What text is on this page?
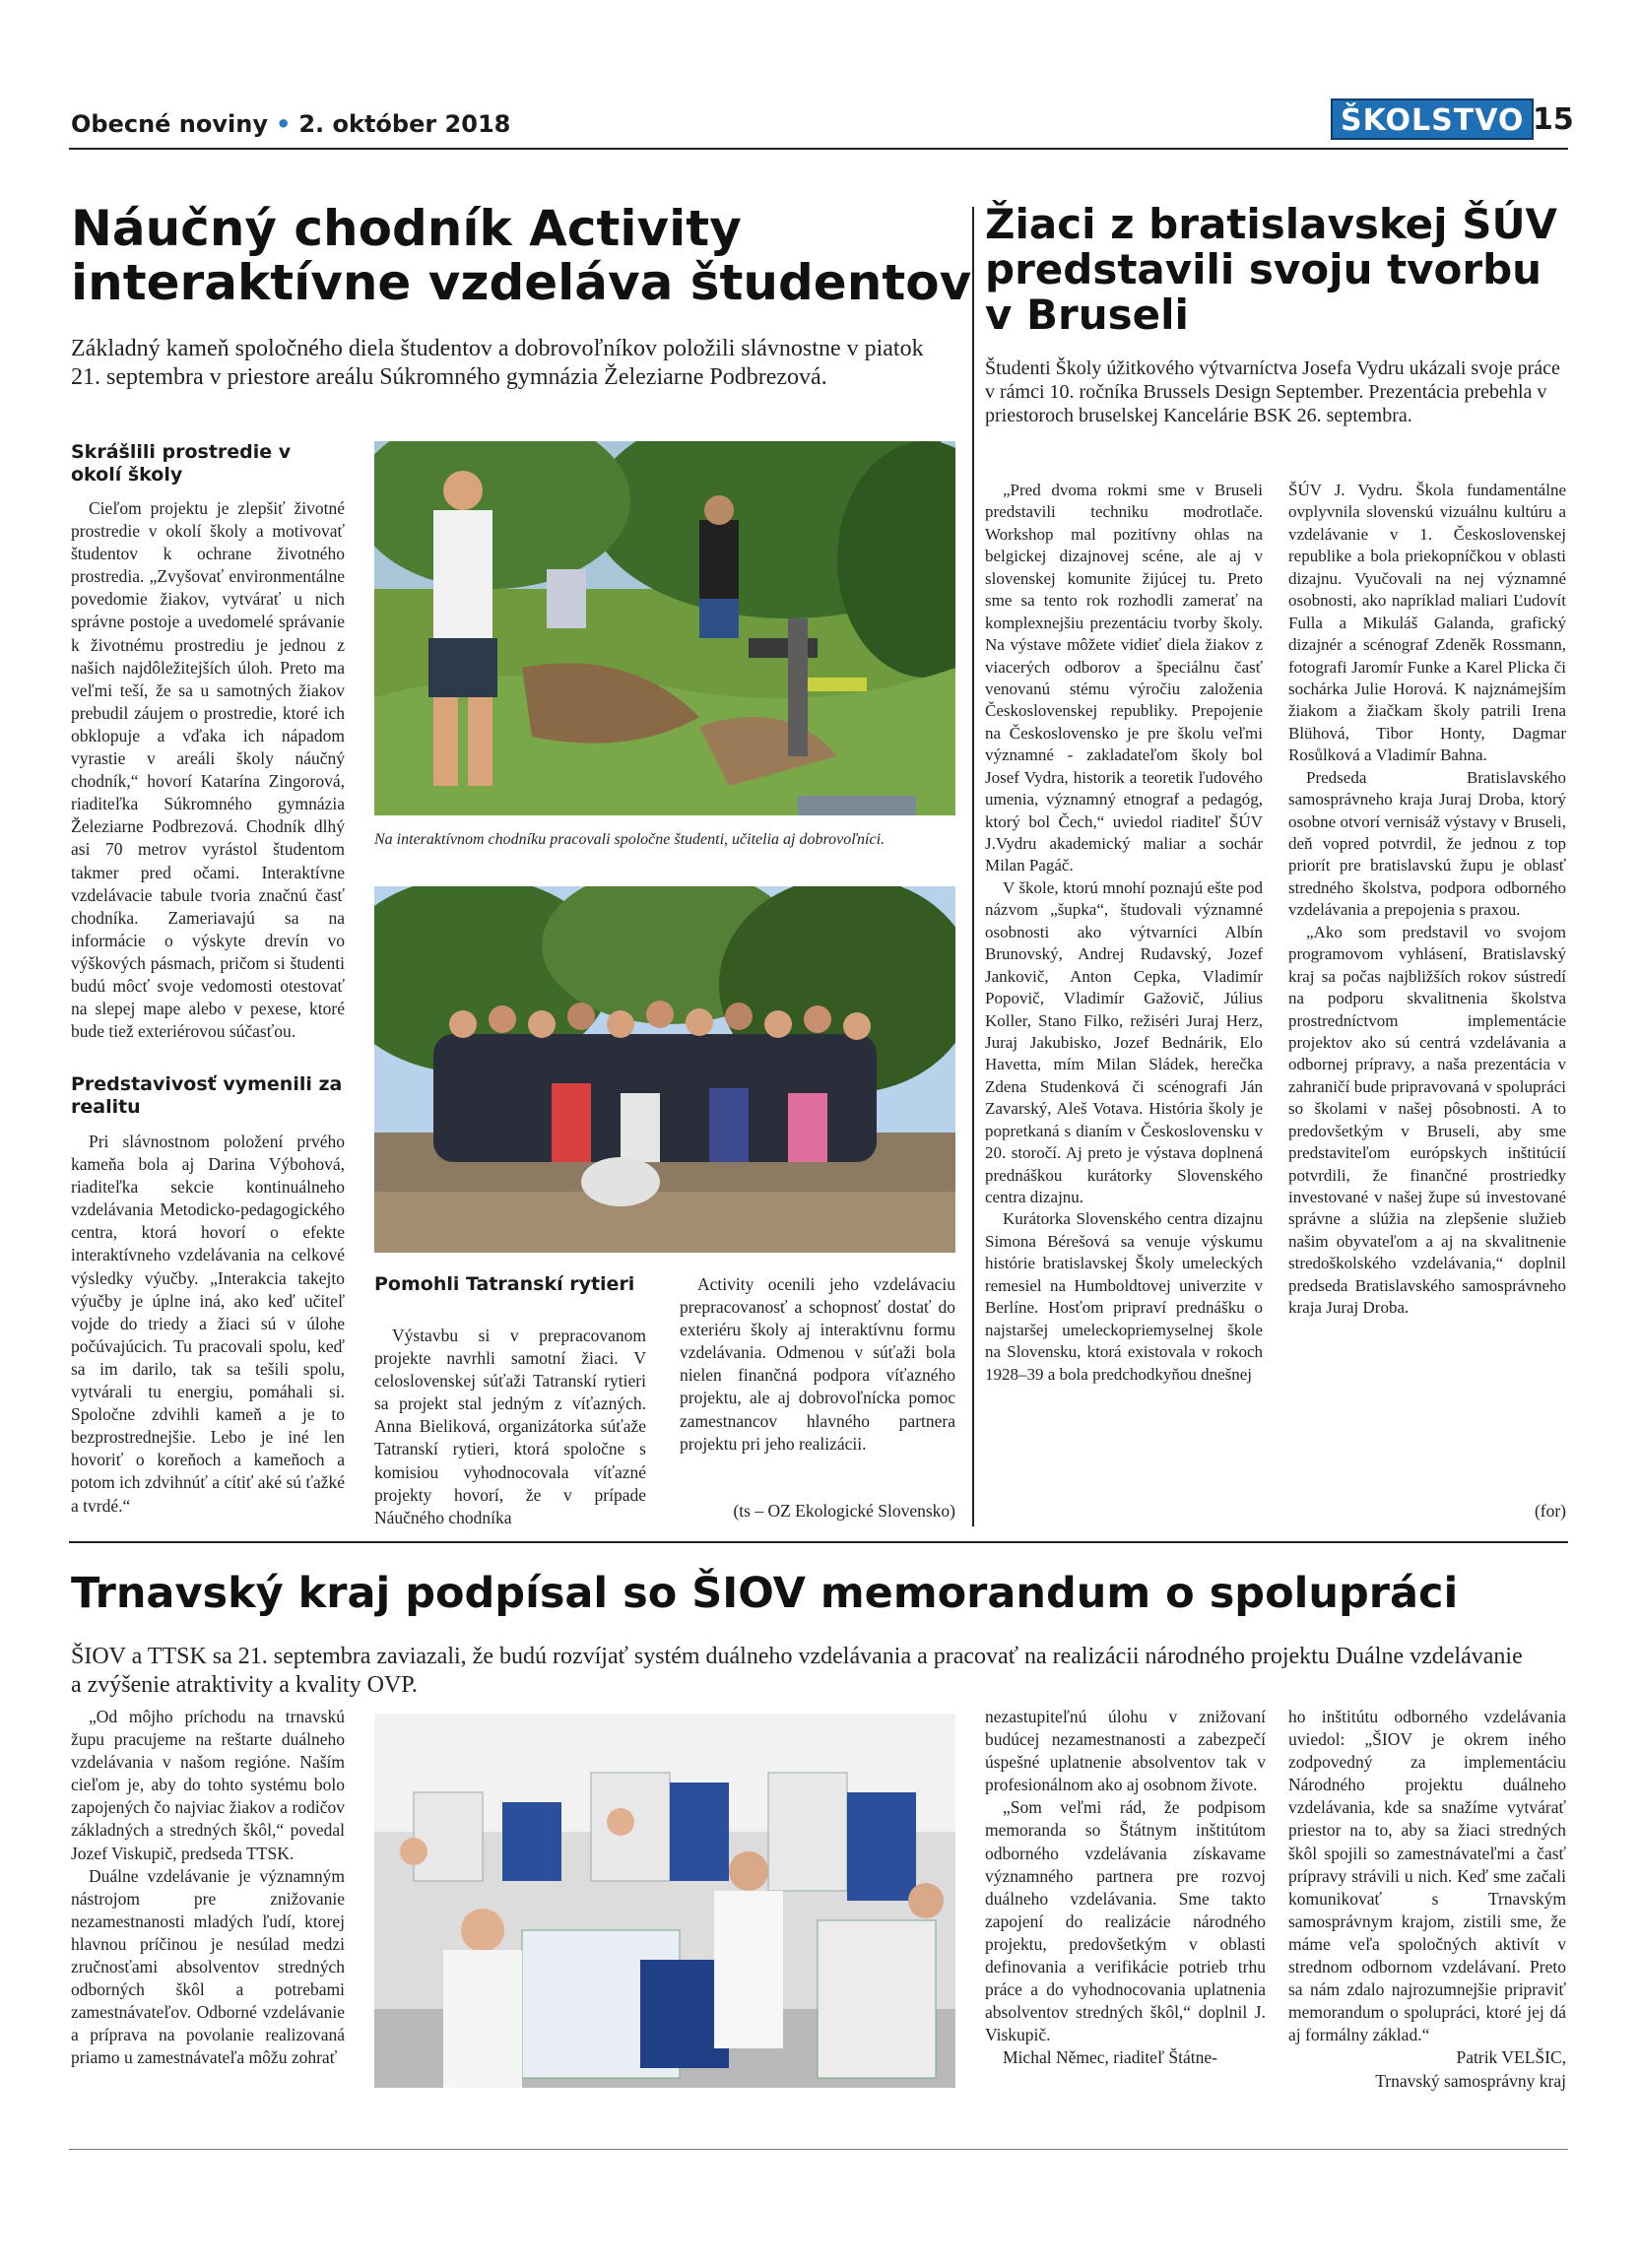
Obecné noviny • 2. október 2018	ŠKOLSTVO 15
Náučný chodník Activity
interaktívne vzdeláva študentov
Základný kameň spoločného diela študentov a dobrovoľníkov položili slávnostne v piatok 21. septembra v priestore areálu Súkromného gymnázia Železiarne Podbrezová.
Skrášlili prostredie v okolí školy

Cieľom projektu je zlepšiť životné prostredie v okolí školy a motivovať študentov k ochrane životného prostredia. „Zvyšovať environmentálne povedomie žiakov, vytvárať u nich správne postoje a uvedomelé správanie k životnému prostrediu je jednou z našich najdôležitejších úloh. Preto ma veľmi teší, že sa u samotných žiakov prebudil záujem o prostredie, ktoré ich obklopuje a vďaka ich nápadom vyrastie v areáli školy náučný chodník,“ hovorí Katarína Zingorová, riaditeľka Súkromného gymnázia Železiarne Podbrezová. Chodník dlhý asi 70 metrov vyrástol študentom takmer pred očami. Interaktívne vzdelávacie tabule tvoria značnú časť chodníka. Zameriavajú sa na informácie o výskyte drevín vo výškových pásmach, pričom si študenti budú môcť svoje vedomosti otestovať na slepej mape alebo v pexese, ktoré bude tiež exteriérovou súčasťou.

Predstavivosť vymenili za realitu

Pri slávnostnom položení prvého kameňa bola aj Darina Výbohová, riaditeľka sekcie kontinuálneho vzdelávania Metodicko-pedagogického centra, ktorá hovorí o efekte interaktívneho vzdelávania na celkové výsledky výučby. „Interakcia takejto výučby je úplne iná, ako keď učiteľ vojde do triedy a žiaci sú v úlohe počúvajúcich. Tu pracovali spolu, keď sa im darilo, tak sa tešili spolu, vytvárali tu energiu, pomáhali si. Spoločne zdvihli kameň a je to bezprostrednejšie. Lebo je iné len hovoriť o koreňoch a kameňoch a potom ich zdvihnúť a cítiť aké sú ťažké a tvrdé.“

Na interaktívnom chodníku pracovali spoločne študenti, učitelia aj dobrovoľníci.
Pomohli Tatranskí rytieri

Výstavbu si v prepracovanom projekte navrhli samotní žiaci. V celoslovenskej súťaži Tatranskí rytieri sa projekt stal jedným z víťazných. Anna Bieliková, organizátorka súťaže Tatranskí rytieri, ktorá spoločne s komisiou vyhodnocovala víťazné projekty hovorí, že v prípade Náučného chodníka

Activity ocenili jeho vzdelávaciu prepracovanosť a schopnosť dostať do exteriéru školy aj interaktívnu formu vzdelávania. Odmenou v súťaži bola nielen finančná podpora víťazného projektu, ale aj dobrovoľnícka pomoc zamestnancov hlavného partnera projektu pri jeho realizácii.

(ts – OZ Ekologické Slovensko)
Žiaci z bratislavskej ŠÚV
predstavili svoju tvorbu
v Bruseli
Študenti Školy úžitkového výtvarníctva Josefa Vydru ukázali svoje práce v rámci 10. ročníka Brussels Design September. Prezentácia prebehla v priestoroch bruselskej Kancelárie BSK 26. septembra.

„Pred dvoma rokmi sme v Bruseli predstavili techniku modrotlače. Workshop mal pozitívny ohlas na belgickej dizajnovej scéne, ale aj v slovenskej komunite žijúcej tu. Preto sme sa tento rok rozhodli zamerať na komplexnejšiu prezentáciu tvorby školy. Na výstave môžete vidieť diela žiakov z viacerých odborov a špeciálnu časť venovanú stému výročiu založenia Československej republiky. Prepojenie na Československo je pre školu veľmi významné - zakladateľom školy bol Josef Vydra, historik a teoretik ľudového umenia, významný etnograf a pedagóg, ktorý bol Čech,“ uviedol riaditeľ ŠÚV J.Vydru akademický maliar a sochár Milan Pagáč.

V škole, ktorú mnohí poznajú ešte pod názvom „šupka“, študovali významné osobnosti ako výtvarníci Albín Brunovský, Andrej Rudavský, Jozef Jankovič, Anton Cepka, Vladimír Popovič, Vladimír Gažovič, Július Koller, Stano Filko, režiséri Juraj Herz, Juraj Jakubisko, Jozef Bednárik, Elo Havetta, mím Milan Sládek, herečka Zdena Studenková či scénografi Ján Zavarský, Aleš Votava. História školy je popretkaná s dianím v Československu v 20. storočí. Aj preto je výstava doplnená prednáškou kurátorky Slovenského centra dizajnu.

Kurátorka Slovenského centra dizajnu Simona Bérešová sa venuje výskumu histórie bratislavskej Školy umeleckých remesiel na Humboldtovej univerzite v Berlíne. Hosťom pripraví prednášku o najstaršej umeleckopriemyselnej škole na Slovensku, ktorá existovala v rokoch 1928–39 a bola predchodkyňou dnešnej

ŠÚV J. Vydru. Škola fundamentálne ovplyvnila slovenskú vizuálnu kultúru a vzdelávanie v 1. Československej republike a bola priekopníčkou v oblasti dizajnu. Vyučovali na nej významné osobnosti, ako napríklad maliari Ľudovít Fulla a Mikuláš Galanda, grafický dizajnér a scénograf Zdeněk Rossmann, fotografi Jaromír Funke a Karel Plicka či sochárka Julie Horová. K najznámejším žiakom a žiačkam školy patrili Irena Blühová, Tibor Honty, Dagmar Rosůlková a Vladimír Bahna.

Predseda Bratislavského samosprávneho kraja Juraj Droba, ktorý osobne otvorí vernisáž výstavy v Bruseli, deň vopred potvrdil, že jednou z top priorít pre bratislavskú župu je oblasť stredného školstva, podpora odborného vzdelávania a prepojenia s praxou.

„Ako som predstavil vo svojom programovom vyhlásení, Bratislavský kraj sa počas najbližších rokov sústredí na podporu skvalitnenia školstva prostredníctvom implementácie projektov ako sú centrá vzdelávania a odbornej prípravy, a naša prezentácia v zahraničí bude pripravovaná v spolupráci so školami v našej pôsobnosti. A to predovšetkým v Bruseli, aby sme predstaviteľom európskych inštitúcií potvrdili, že finančné prostriedky investované v našej župe sú investované správne a slúžia na zlepšenie služieb našim obyvateľom a aj na skvalitnenie stredoškolského vzdelávania,“ doplnil predseda Bratislavského samosprávneho kraja Juraj Droba.

(for)
Trnavský kraj podpísal so ŠIOV memorandum o spolupráci
ŠIOV a TTSK sa 21. septembra zaviazali, že budú rozvíjať systém duálneho vzdelávania a pracovať na realizácii národného projektu Duálne vzdelávanie a zvýšenie atraktivity a kvality OVP.

„Od môjho príchodu na trnavskú župu pracujeme na reštarte duálneho vzdelávania v našom regióne. Naším cieľom je, aby do tohto systému bolo zapojených čo najviac žiakov a rodičov základných a stredných škôl,“ povedal Jozef Viskupič, predseda TTSK.

Duálne vzdelávanie je významným nástrojom pre znižovanie nezamestnanosti mladých ľudí, ktorej hlavnou príčinou je nesúlad medzi zručnosťami absolventov stredných odborných škôl a potrebami zamestnávateľov. Odborné vzdelávanie a príprava na povolanie realizovaná priamo u zamestnávateľa môžu zohrať

nezastupiteľnú úlohu v znižovaní budúcej nezamestnanosti a zabezpečí úspešné uplatnenie absolventov tak v profesionálnom ako aj osobnom živote.

„Som veľmi rád, že podpisom memoranda so Štátnym inštitútom odborného vzdelávania získavame významného partnera pre rozvoj duálneho vzdelávania. Sme takto zapojení do realizácie národného projektu, predovšetkým v oblasti definovania a verifikácie potrieb trhu práce a do vyhodnocovania uplatnenia absolventov stredných škôl,“ doplnil J. Viskupič.

Michal Němec, riaditeľ Štátne-

ho inštitútu odborného vzdelávania uviedol: „ŠIOV je okrem iného zodpovedný za implementáciu Národného projektu duálneho vzdelávania, kde sa snažíme vytvárať priestor na to, aby sa žiaci stredných škôl spojili so zamestnávateľmi a časť prípravy strávili u nich. Keď sme začali komunikovať s Trnavským samosprávnym krajom, zistili sme, že máme veľa spoločných aktivít v strednom odbornom vzdelávaní. Preto sa nám zdalo najrozumnejšie pripraviť memorandum o spolupráci, ktoré jej dá aj formálny základ.“

Patrik VELŠIC,
Trnavský samosprávny kraj
